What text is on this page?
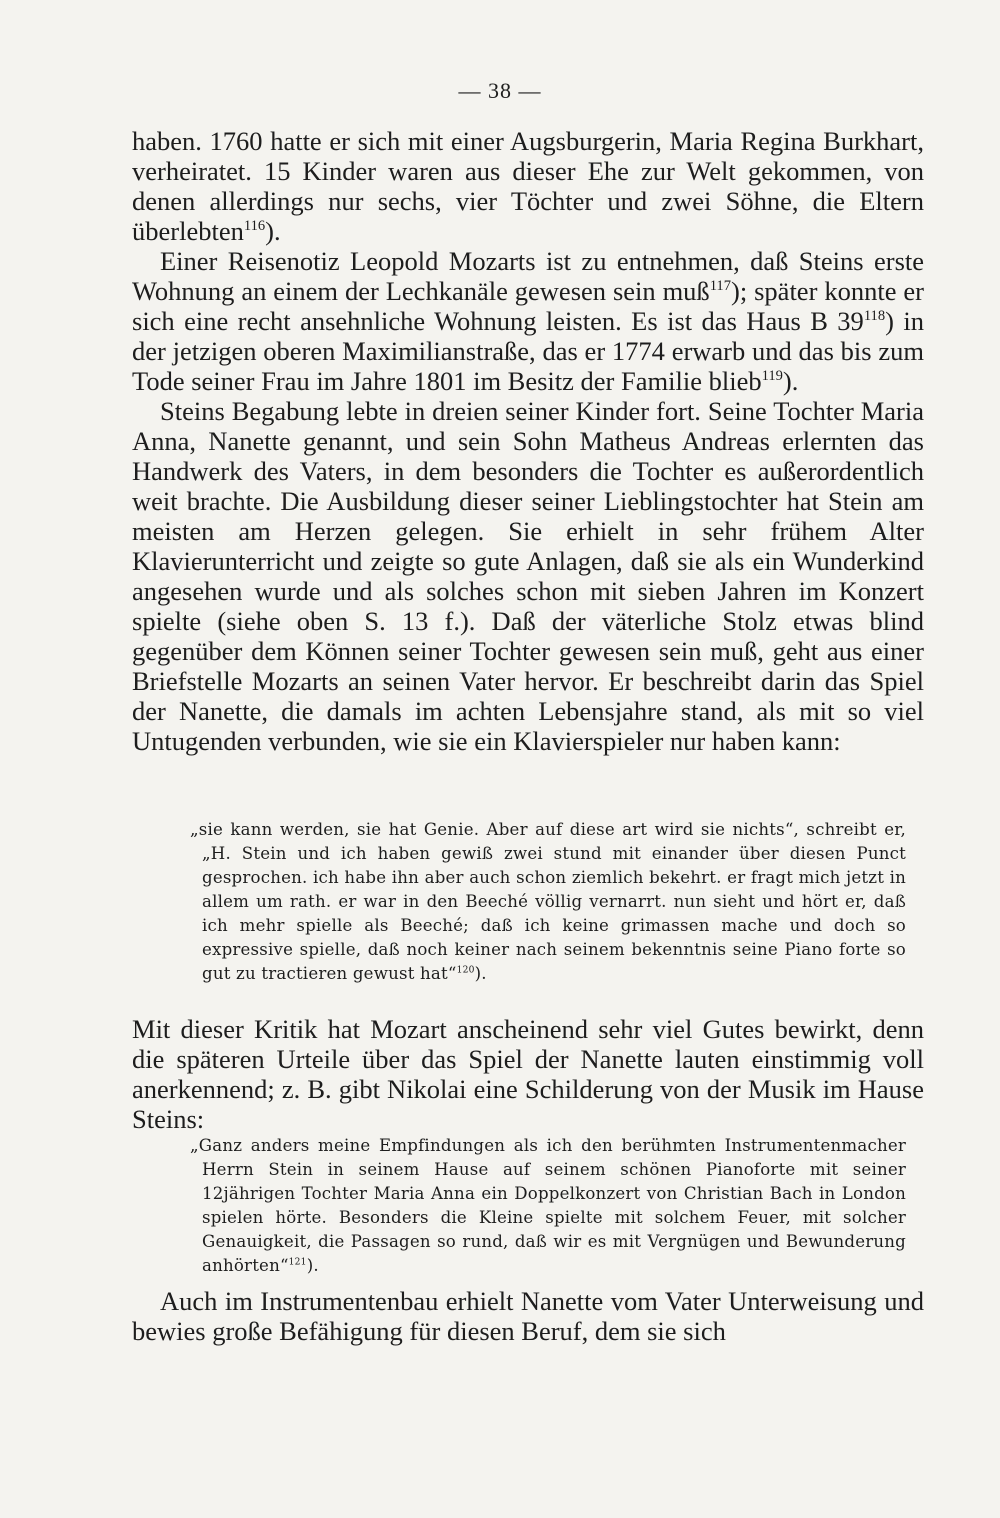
— 38 —

haben. 1760 hatte er sich mit einer Augsburgerin, Maria Regina Burkhart, verheiratet. 15 Kinder waren aus dieser Ehe zur Welt gekommen, von denen allerdings nur sechs, vier Töchter und zwei Söhne, die Eltern überlebten$^{116}$).

Einer Reisenotiz Leopold Mozarts ist zu entnehmen, daß Steins erste Wohnung an einem der Lechkanäle gewesen sein muß$^{117}$); später konnte er sich eine recht ansehnliche Wohnung leisten. Es ist das Haus B $39^{118}$) in der jetzigen oberen Maximilianstraße, das er 1774 erwarb und das bis zum Tode seiner Frau im Jahre 1801 im Besitz der Familie blieb$^{119}$).

Steins Begabung lebte in dreien seiner Kinder fort. Seine Tochter Maria Anna, Nanette genannt, und sein Sohn Matheus Andreas erlernten das Handwerk des Vaters, in dem besonders die Tochter es außerordentlich weit brachte. Die Ausbildung dieser seiner Lieblingstochter hat Stein am meisten am Herzen gelegen. Sie erhielt in sehr frühem Alter Klavierunterricht und zeigte so gute Anlagen, daß sie als ein Wunderkind angesehen wurde und als solches schon mit sieben Jahren im Konzert spielte (siehe oben S. 13 f.). Daß der väterliche Stolz etwas blind gegenüber dem Können seiner Tochter gewesen sein muß, geht aus einer Briefstelle Mozarts an seinen Vater hervor. Er beschreibt darin das Spiel der Nanette, die damals im achten Lebensjahre stand, als mit so viel Untugenden verbunden, wie sie ein Klavierspieler nur haben kann:

„sie kann werden, sie hat Genie. Aber auf diese art wird sie nichts“, schreibt er, „H. Stein und ich haben gewiß zwei stund mit einander über diesen Punct gesprochen. ich habe ihn aber auch schon ziemlich bekehrt. er fragt mich jetzt in allem um rath. er war in den Beeché völlig vernarrt. nun sieht und hört er, daß ich mehr spielle als Beeché; daß ich keine grimassen mache und doch so expressive spielle, daß noch keiner nach seinem bekenntnis seine Piano forte so gut zu tractieren gewust hat“$^{120}$).

Mit dieser Kritik hat Mozart anscheinend sehr viel Gutes bewirkt, denn die späteren Urteile über das Spiel der Nanette lauten einstimmig voll anerkennend; z. B. gibt Nikolai eine Schilderung von der Musik im Hause Steins:

„Ganz anders meine Empfindungen als ich den berühmten Instrumentenmacher Herrn Stein in seinem Hause auf seinem schönen Pianoforte mit seiner 12jährigen Tochter Maria Anna ein Doppelkonzert von Christian Bach in London spielen hörte. Besonders die Kleine spielte mit solchem Feuer, mit solcher Genauigkeit, die Passagen so rund, daß wir es mit Vergnügen und Bewunderung anhörten“$^{121}$).

Auch im Instrumentenbau erhielt Nanette vom Vater Unterweisung und bewies große Befähigung für diesen Beruf, dem sie sich
